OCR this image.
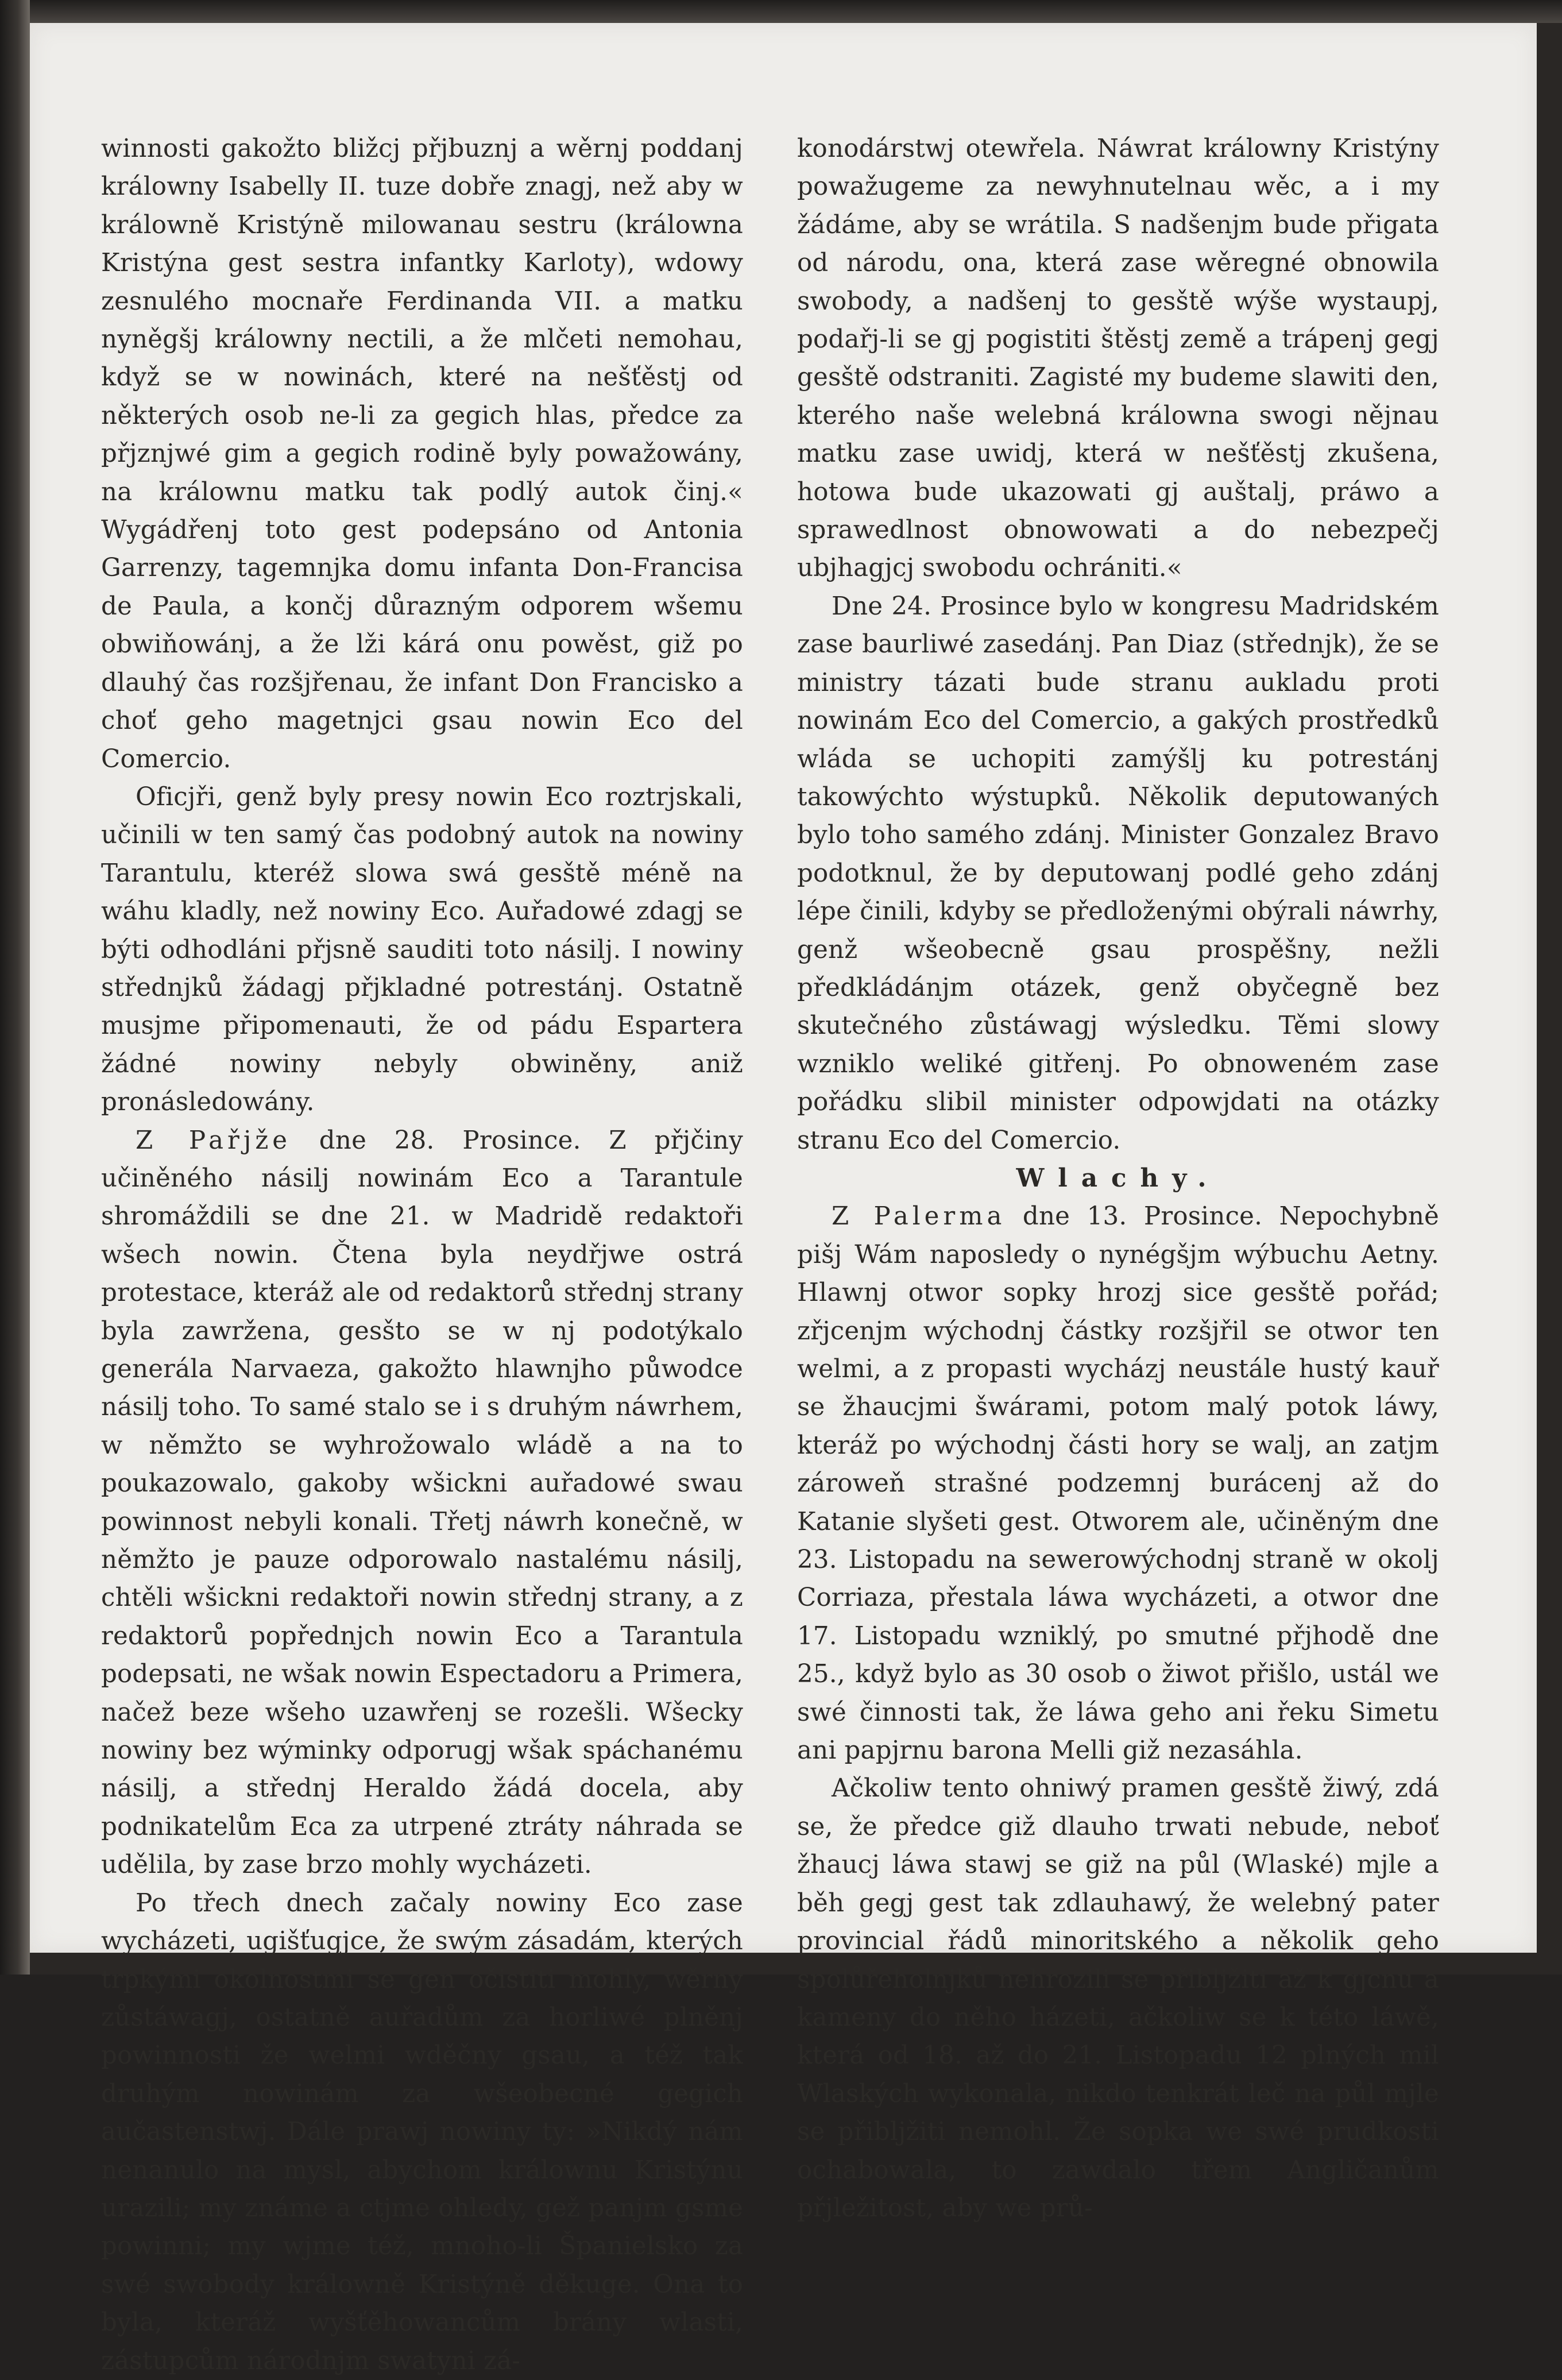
winnosti gakožto bližcj přjbuznj a wěrnj poddanj králowny Isabelly II. tuze dobře znagj, než aby w králowně Kristýně milowanau sestru (králowna Kristýna gest sestra infantky Karloty), wdowy zesnulého mocnaře Ferdinanda VII. a matku nyněgšj králowny nectili, a že mlčeti nemohau, když se w nowinách, které na nešťěstj od některých osob ne-li za gegich hlas, předce za přjznjwé gim a gegich rodině byly powažowány, na králownu matku tak podlý autok činj.« Wygádřenj toto gest podepsáno od Antonia Garrenzy, tagemnjka domu infanta Don-Francisa de Paula, a končj důrazným odporem wšemu obwiňowánj, a že lži kárá onu powěst, giž po dlauhý čas rozšjřenau, že infant Don Francisko a choť geho magetnjci gsau nowin Eco del Comercio.

Oficjři, genž byly presy nowin Eco roztrjskali, učinili w ten samý čas podobný autok na nowiny Tarantulu, kteréž slowa swá gesště méně na wáhu kladly, než nowiny Eco. Auřadowé zdagj se býti odhodláni přjsně sauditi toto násilj. I nowiny střednjků žádagj přjkladné potrestánj. Ostatně musjme připomenauti, že od pádu Espartera žádné nowiny nebyly obwiněny, aniž pronásledowány.

Z Pařjže dne 28. Prosince. Z přjčiny učiněného násilj nowinám Eco a Tarantule shromáždili se dne 21. w Madridě redaktoři wšech nowin. Čtena byla neydřjwe ostrá protestace, kteráž ale od redaktorů střednj strany byla zawržena, gesšto se w nj podotýkalo generála Narvaeza, gakožto hlawnjho půwodce násilj toho. To samé stalo se i s druhým náwrhem, w němžto se wyhrožowalo wládě a na to poukazowalo, gakoby wšickni auřadowé swau powinnost nebyli konali. Třetj náwrh konečně, w němžto je pauze odporowalo nastalému násilj, chtěli wšickni redaktoři nowin střednj strany, a z redaktorů popřednjch nowin Eco a Tarantula podepsati, ne wšak nowin Espectadoru a Primera, načež beze wšeho uzawřenj se rozešli. Wšecky nowiny bez wýminky odporugj wšak spáchanému násilj, a střednj Heraldo žádá docela, aby podnikatelům Eca za utrpené ztráty náhrada se udělila, by zase brzo mohly wycházeti.

Po třech dnech začaly nowiny Eco zase wycházeti, ugišťugjce, že swým zásadám, kterých trpkými okolnostmi se gen očistiti mohly, wěrny zůstáwagj, ostatně auřadům za horliwé plněnj powinnosti že welmi wděčny gsau, a též tak druhým nowinám za wšeobecné gegich aučastenstwj. Dále prawj nowiny ty: »Nikdý nám nenanulo na mysl, abychom králownu Kristýnu urazili; my známe a ctjme ohledy, gež panjm gsme powinni; my wjme též, mnoho-li Španielsko za swé swobody králowně Kristýně děkuge. Ona to byla, kteráž wyšťěhowancům brány wlasti, zástupcům národnjm swatyni zá-

konodárstwj otewřela. Náwrat králowny Kristýny powažugeme za newyhnutelnau wěc, a i my žádáme, aby se wrátila. S nadšenjm bude přigata od národu, ona, která zase wěregné obnowila swobody, a nadšenj to gesště wýše wystaupj, podařj-li se gj pogistiti štěstj země a trápenj gegj gesště odstraniti. Zagisté my budeme slawiti den, kterého naše welebná králowna swogi nějnau matku zase uwidj, která w nešťěstj zkušena, hotowa bude ukazowati gj auštalj, práwo a sprawedlnost obnowowati a do nebezpečj ubjhagjcj swobodu ochrániti.«

Dne 24. Prosince bylo w kongresu Madridském zase baurliwé zasedánj. Pan Diaz (střednjk), že se ministry tázati bude stranu aukladu proti nowinám Eco del Comercio, a gakých prostředků wláda se uchopiti zamýšlj ku potrestánj takowýchto wýstupků. Několik deputowaných bylo toho samého zdánj. Minister Gonzalez Bravo podotknul, že by deputowanj podlé geho zdánj lépe činili, kdyby se předloženými obýrali náwrhy, genž wšeobecně gsau prospěšny, nežli předkládánjm otázek, genž obyčegně bez skutečného zůstáwagj wýsledku. Těmi slowy wzniklo weliké gitřenj. Po obnoweném zase pořádku slibil minister odpowjdati na otázky stranu Eco del Comercio.

Wlachy.

Z Palerma dne 13. Prosince. Nepochybně pišj Wám naposledy o nynégšjm wýbuchu Aetny. Hlawnj otwor sopky hrozj sice gesště pořád; zřjcenjm wýchodnj částky rozšjřil se otwor ten welmi, a z propasti wycházj neustále hustý kauř se žhaucjmi šwárami, potom malý potok láwy, kteráž po wýchodnj části hory se walj, an zatjm zároweň strašné podzemnj burácenj až do Katanie slyšeti gest. Otworem ale, učiněným dne 23. Listopadu na sewerowýchodnj straně w okolj Corriaza, přestala láwa wycházeti, a otwor dne 17. Listopadu wzniklý, po smutné přjhodě dne 25., když bylo as 30 osob o žiwot přišlo, ustál we swé činnosti tak, že láwa geho ani řeku Simetu ani papjrnu barona Melli giž nezasáhla.

Ačkoliw tento ohniwý pramen gesště žiwý, zdá se, že předce giž dlauho trwati nebude, neboť žhaucj láwa stawj se giž na půl (Wlaské) mjle a běh gegj gest tak zdlauhawý, že welebný pater provincial řádů minoritského a několik geho spolůřeholnjků nehrozili se přibljžiti až k gjcnu a kameny do něho házeti, ačkoliw se k této láwě, která od 18. až do 21. Listopadu 12 plných mil Wlaských wykonala, nikdo tenkrát leč na půl mjle se přibljžiti nemohl. Že sopka we swé prudkosti ochabowala, to zawdalo třem Angličanům přjležitost, aby we prů-
